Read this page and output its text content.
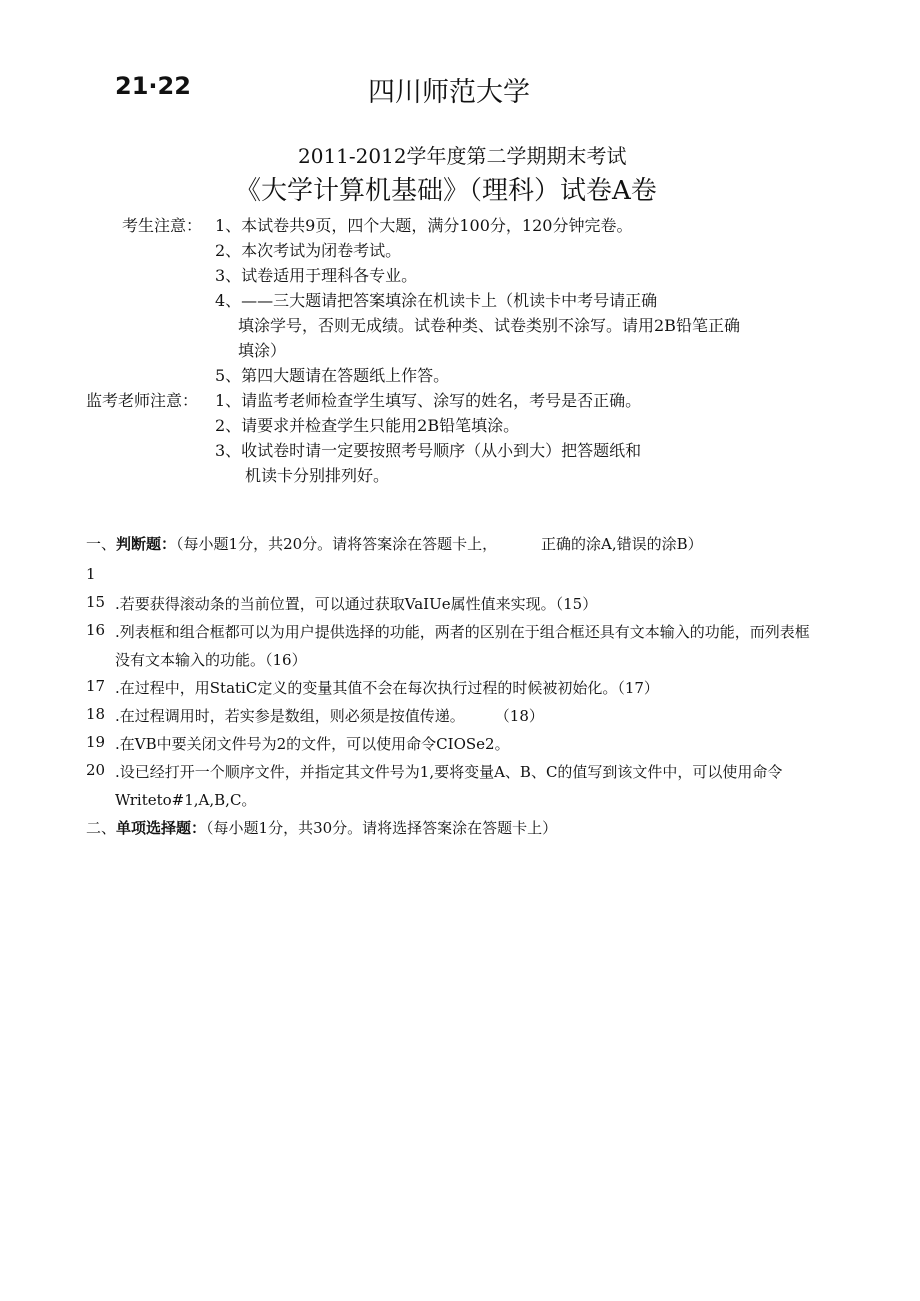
21·22	四川师范大学
2011-2012学年度第二学期期末考试
《大学计算机基础》（理科）试卷A卷
考生注意： 1、本试卷共9页，四个大题，满分100分，120分钟完卷。
2、本次考试为闭卷考试。
3、试卷适用于理科各专业。
4、——三大题请把答案填涂在机读卡上（机读卡中考号请正确
填涂学号，否则无成绩。试卷种类、试卷类别不涂写。请用2B铅笔正确
填涂）
5、第四大题请在答题纸上作答。
监考老师注意： 1、请监考老师检查学生填写、涂写的姓名，考号是否正确。
2、请要求并检查学生只能用2B铅笔填涂。
3、收试卷时请一定要按照考号顺序（从小到大）把答题纸和
机读卡分别排列好。
一、判断题：（每小题1分，共20分。请将答案涂在答题卡上，	正确的涂A,错误的涂B）
1
15 .若要获得滚动条的当前位置，可以通过获取VaIUe属性值来实现。（15）
16 .列表框和组合框都可以为用户提供选择的功能，两者的区别在于组合框还具有文本输入的功能，而列表框
没有文本输入的功能。（16）
17 .在过程中，用StatiC定义的变量其值不会在每次执行过程的时候被初始化。（17）
18 .在过程调用时，若实参是数组，则必须是按值传递。　　　（18）
19 .在VB中要关闭文件号为2的文件，可以使用命令CIOSe2。
20 .设已经打开一个顺序文件，并指定其文件号为1,要将变量A、B、C的值写到该文件中，可以使用命令
Writeto#1,A,B,C。
二、单项选择题：（每小题1分，共30分。请将选择答案涂在答题卡上）
